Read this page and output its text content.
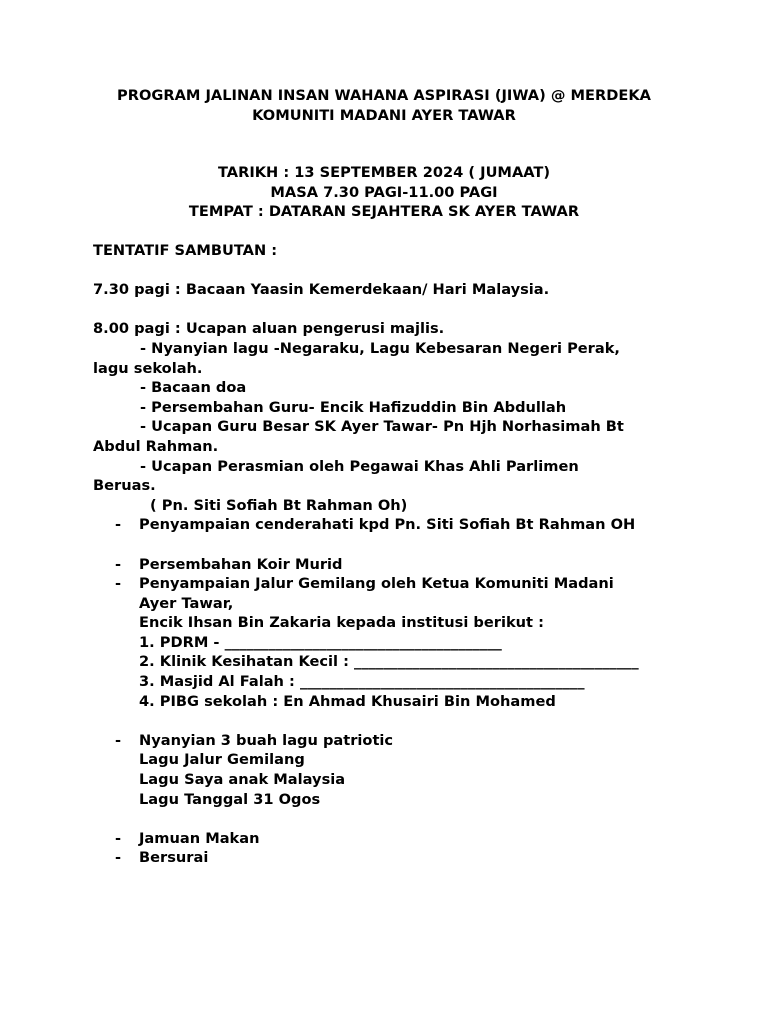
PROGRAM JALINAN INSAN WAHANA ASPIRASI (JIWA) @ MERDEKA
KOMUNITI MADANI AYER TAWAR
TARIKH : 13 SEPTEMBER 2024 ( JUMAAT)
MASA 7.30 PAGI-11.00 PAGI
TEMPAT : DATARAN SEJAHTERA SK AYER TAWAR
TENTATIF SAMBUTAN :
7.30 pagi : Bacaan Yaasin Kemerdekaan/ Hari Malaysia.
8.00 pagi : Ucapan aluan pengerusi majlis.
- Nyanyian lagu -Negaraku, Lagu Kebesaran Negeri Perak,
lagu sekolah.
- Bacaan doa
- Persembahan Guru- Encik Hafizuddin Bin Abdullah
- Ucapan Guru Besar SK Ayer Tawar- Pn Hjh Norhasimah Bt
Abdul Rahman.
- Ucapan Perasmian oleh Pegawai Khas Ahli Parlimen
Beruas.
( Pn. Siti Sofiah Bt Rahman Oh)
-	Penyampaian cenderahati kpd Pn. Siti Sofiah Bt Rahman OH
-	Persembahan Koir Murid
-	Penyampaian Jalur Gemilang oleh Ketua Komuniti Madani
Ayer Tawar,
Encik Ihsan Bin Zakaria kepada institusi berikut :
1. PDRM - ______________________________________
2. Klinik Kesihatan Kecil : _______________________________________
3. Masjid Al Falah : _______________________________________
4. PIBG sekolah : En Ahmad Khusairi Bin Mohamed
-	Nyanyian 3 buah lagu patriotic
Lagu Jalur Gemilang
Lagu Saya anak Malaysia
Lagu Tanggal 31 Ogos
-	Jamuan Makan
-	Bersurai
